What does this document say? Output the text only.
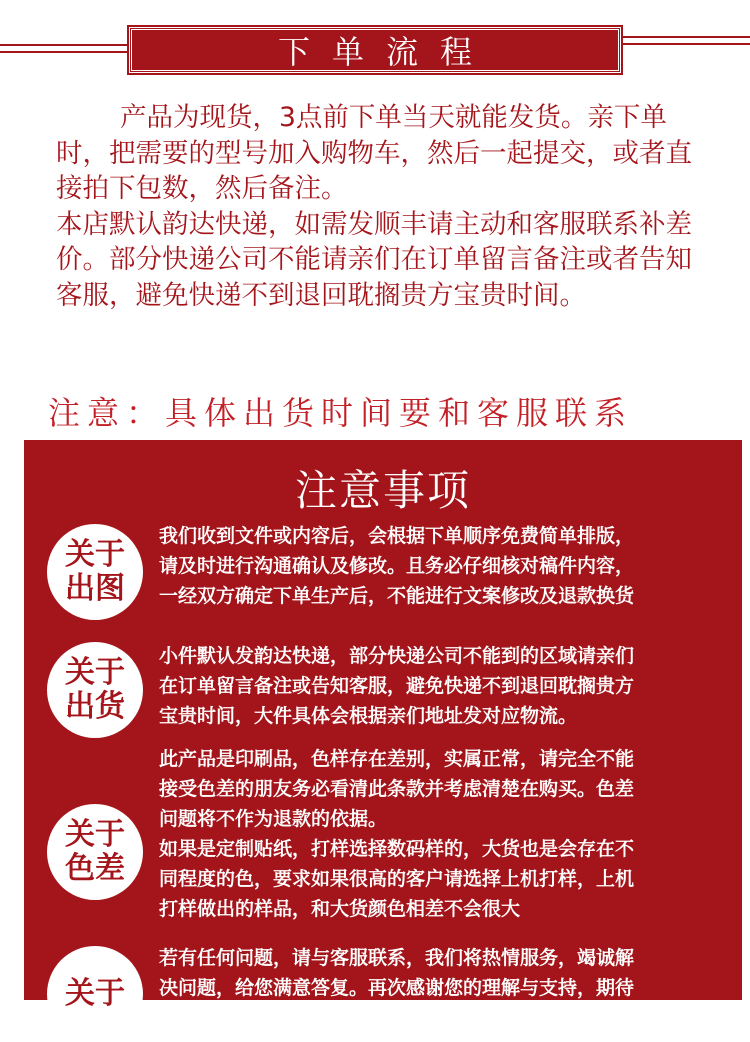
下单流程

产品为现货，3点前下单当天就能发货。亲下单时，把需要的型号加入购物车，然后一起提交，或者直接拍下包数，然后备注。

本店默认韵达快递，如需发顺丰请主动和客服联系补差价。部分快递公司不能请亲们在订单留言备注或者告知客服，避免快递不到退回耽搁贵方宝贵时间。

注意：具体出货时间要和客服联系
注意事项
关于
出图
我们收到文件或内容后，会根据下单顺序免费简单排版，
请及时进行沟通确认及修改。且务必仔细核对稿件内容，
一经双方确定下单生产后，不能进行文案修改及退款换货
关于
出货
小件默认发韵达快递，部分快递公司不能到的区域请亲们
在订单留言备注或告知客服，避免快递不到退回耽搁贵方
宝贵时间，大件具体会根据亲们地址发对应物流。
关于
色差
此产品是印刷品，色样存在差别，实属正常，请完全不能
接受色差的朋友务必看清此条款并考虑清楚在购买。色差
问题将不作为退款的依据。
如果是定制贴纸，打样选择数码样的，大货也是会存在不
同程度的色，要求如果很高的客户请选择上机打样，上机
打样做出的样品，和大货颜色相差不会很大
关于
若有任何问题，请与客服联系，我们将热情服务，竭诚解
决问题，给您满意答复。再次感谢您的理解与支持，期待
